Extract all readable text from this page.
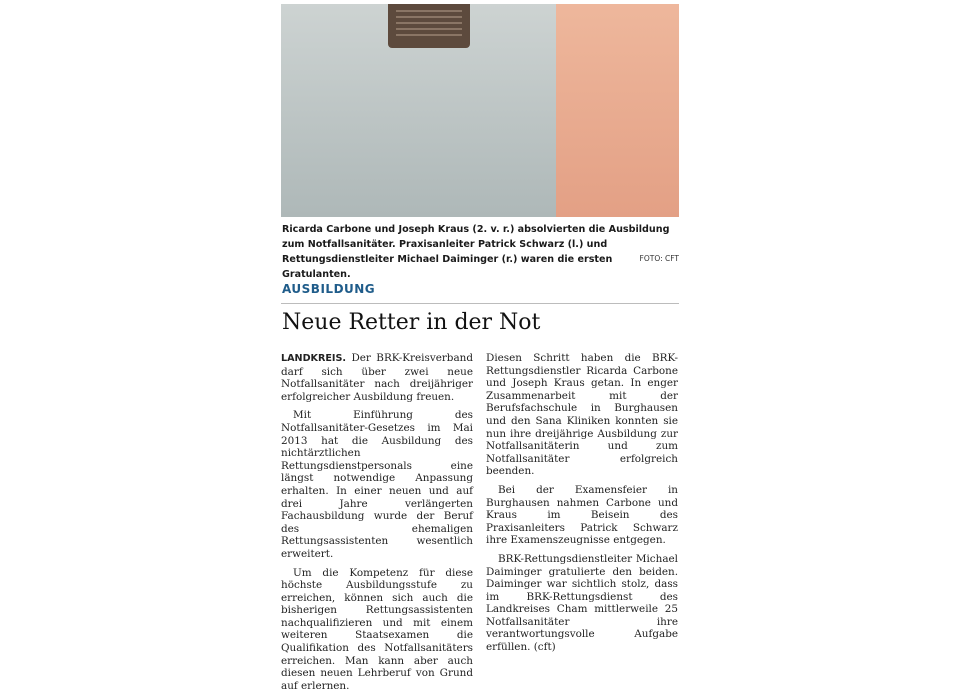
Ricarda Carbone und Joseph Kraus (2. v. r.) absolvierten die Ausbildung zum Notfallsanitäter. Praxisanleiter Patrick Schwarz (l.) und Rettungsdienstleiter Michael Daiminger (r.) waren die ersten Gratulanten.
FOTO: CFT
AUSBILDUNG
Neue Retter in der Not

LANDKREIS. Der BRK-Kreisverband darf sich über zwei neue Notfallsanitäter nach dreijähriger erfolgreicher Ausbildung freuen.

Mit Einführung des Notfallsanitäter-Gesetzes im Mai 2013 hat die Ausbildung des nichtärztlichen Rettungsdienstpersonals eine längst notwendige Anpassung erhalten. In einer neuen und auf drei Jahre verlängerten Fachausbildung wurde der Beruf des ehemaligen Rettungsassistenten wesentlich erweitert.

Um die Kompetenz für diese höchste Ausbildungsstufe zu erreichen, können sich auch die bisherigen Rettungsassistenten nachqualifizieren und mit einem weiteren Staatsexamen die Qualifikation des Notfallsanitäters erreichen. Man kann aber auch diesen neuen Lehrberuf von Grund auf erlernen.

Diesen Schritt haben die BRK-Rettungsdienstler Ricarda Carbone und Joseph Kraus getan. In enger Zusammenarbeit mit der Berufsfachschule in Burghausen und den Sana Kliniken konnten sie nun ihre dreijährige Ausbildung zur Notfallsanitäterin und zum Notfallsanitäter erfolgreich beenden.

Bei der Examensfeier in Burghausen nahmen Carbone und Kraus im Beisein des Praxisanleiters Patrick Schwarz ihre Examenszeugnisse entgegen.

BRK-Rettungsdienstleiter Michael Daiminger gratulierte den beiden. Daiminger war sichtlich stolz, dass im BRK-Rettungsdienst des Landkreises Cham mittlerweile 25 Notfallsanitäter ihre verantwortungsvolle Aufgabe erfüllen. (cft)
